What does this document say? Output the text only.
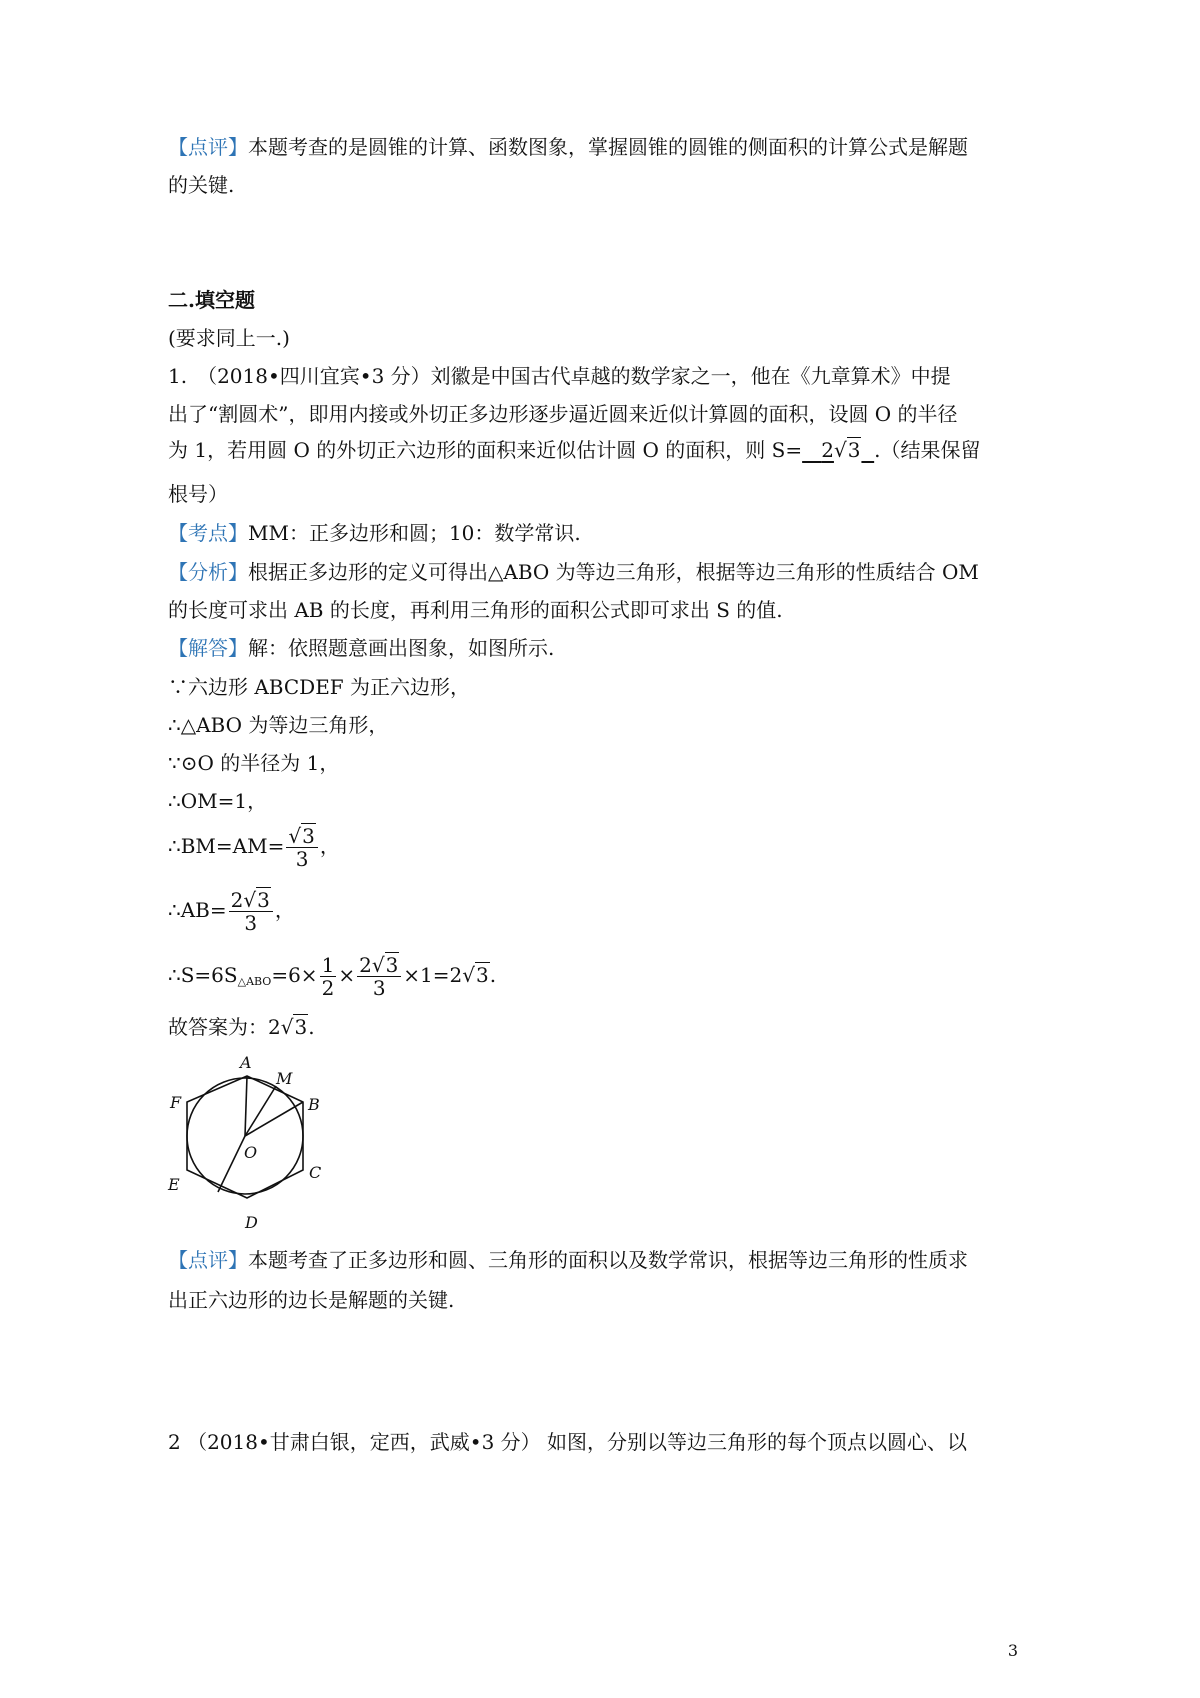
【点评】本题考查的是圆锥的计算、函数图象，掌握圆锥的圆锥的侧面积的计算公式是解题
的关键.
二.填空题
(要求同上一.)
1.　（2018•四川宜宾•3 分）刘徽是中国古代卓越的数学家之一，他在《九章算术》中提
出了“割圆术”，即用内接或外切正多边形逐步逼近圆来近似计算圆的面积，设圆 O 的半径
为 1，若用圆 O 的外切正六边形的面积来近似估计圆 O 的面积，则 S= 2√3 .（结果保留
根号）
【考点】MM：正多边形和圆；10：数学常识.
【分析】根据正多边形的定义可得出△ABO 为等边三角形，根据等边三角形的性质结合 OM
的长度可求出 AB 的长度，再利用三角形的面积公式即可求出 S 的值.
【解答】解：依照题意画出图象，如图所示.
∵六边形 ABCDEF 为正六边形，
∴△ABO 为等边三角形，
∵⊙O 的半径为 1，
∴OM=1，
∴BM=AM= $\frac{√3}{3}$ ，
∴AB= $\frac{2√3}{3}$ ，
$\therefore S=6S_{\triangle ABO}=6\times \frac{1}{2} \times \frac{2√3}{3} \times 1=2√3$.
故答案为：2√3.
A
M
F	B
O
C
E
D
【点评】本题考查了正多边形和圆、三角形的面积以及数学常识，根据等边三角形的性质求
出正六边形的边长是解题的关键.
2 （2018•甘肃白银，定西，武威•3 分） 如图，分别以等边三角形的每个顶点以圆心、以
3
